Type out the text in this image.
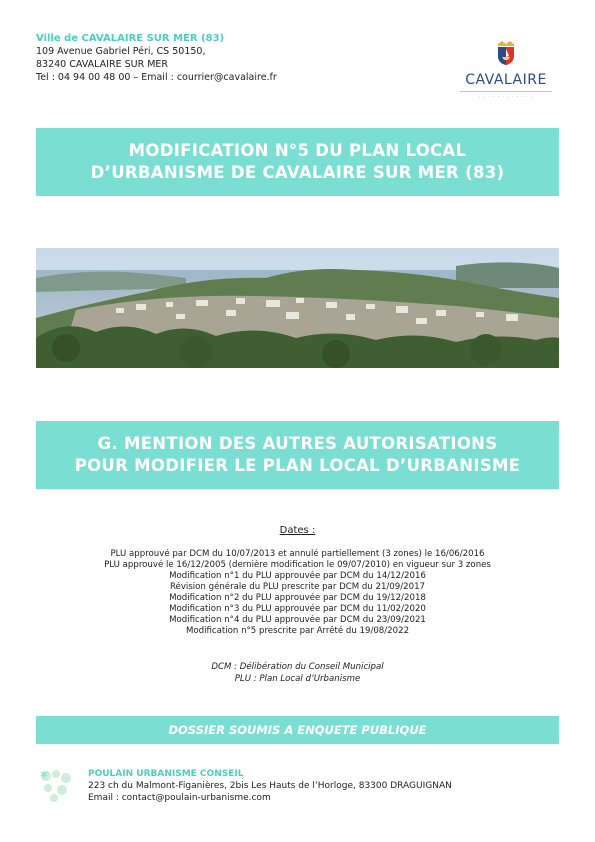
Ville de CAVALAIRE SUR MER (83)
109 Avenue Gabriel Péri, CS 50150,
83240 CAVALAIRE SUR MER
Tel : 04 94 00 48 00 – Email : courrier@cavalaire.fr	CAVALAIRE
• • • • • • • • • • • •
MODIFICATION N°5 DU PLAN LOCAL
D’URBANISME DE CAVALAIRE SUR MER (83)
G. MENTION DES AUTRES AUTORISATIONS
POUR MODIFIER LE PLAN LOCAL D’URBANISME
Dates :
PLU approuvé par DCM du 10/07/2013 et annulé partiellement (3 zones) le 16/06/2016
PLU approuvé le 16/12/2005 (dernière modification le 09/07/2010) en vigueur sur 3 zones
Modification n°1 du PLU approuvée par DCM du 14/12/2016
Révision générale du PLU prescrite par DCM du 21/09/2017
Modification n°2 du PLU approuvée par DCM du 19/12/2018
Modification n°3 du PLU approuvée par DCM du 11/02/2020
Modification n°4 du PLU approuvée par DCM du 23/09/2021
Modification n°5 prescrite par Arrêté du 19/08/2022
DCM : Délibération du Conseil Municipal
PLU : Plan Local d’Urbanisme
DOSSIER SOUMIS A ENQUETE PUBLIQUE
*	POULAIN URBANISME CONSEIL
223 ch du Malmont-Figanières, 2bis Les Hauts de l’Horloge, 83300 DRAGUIGNAN
Email : contact@poulain-urbanisme.com
